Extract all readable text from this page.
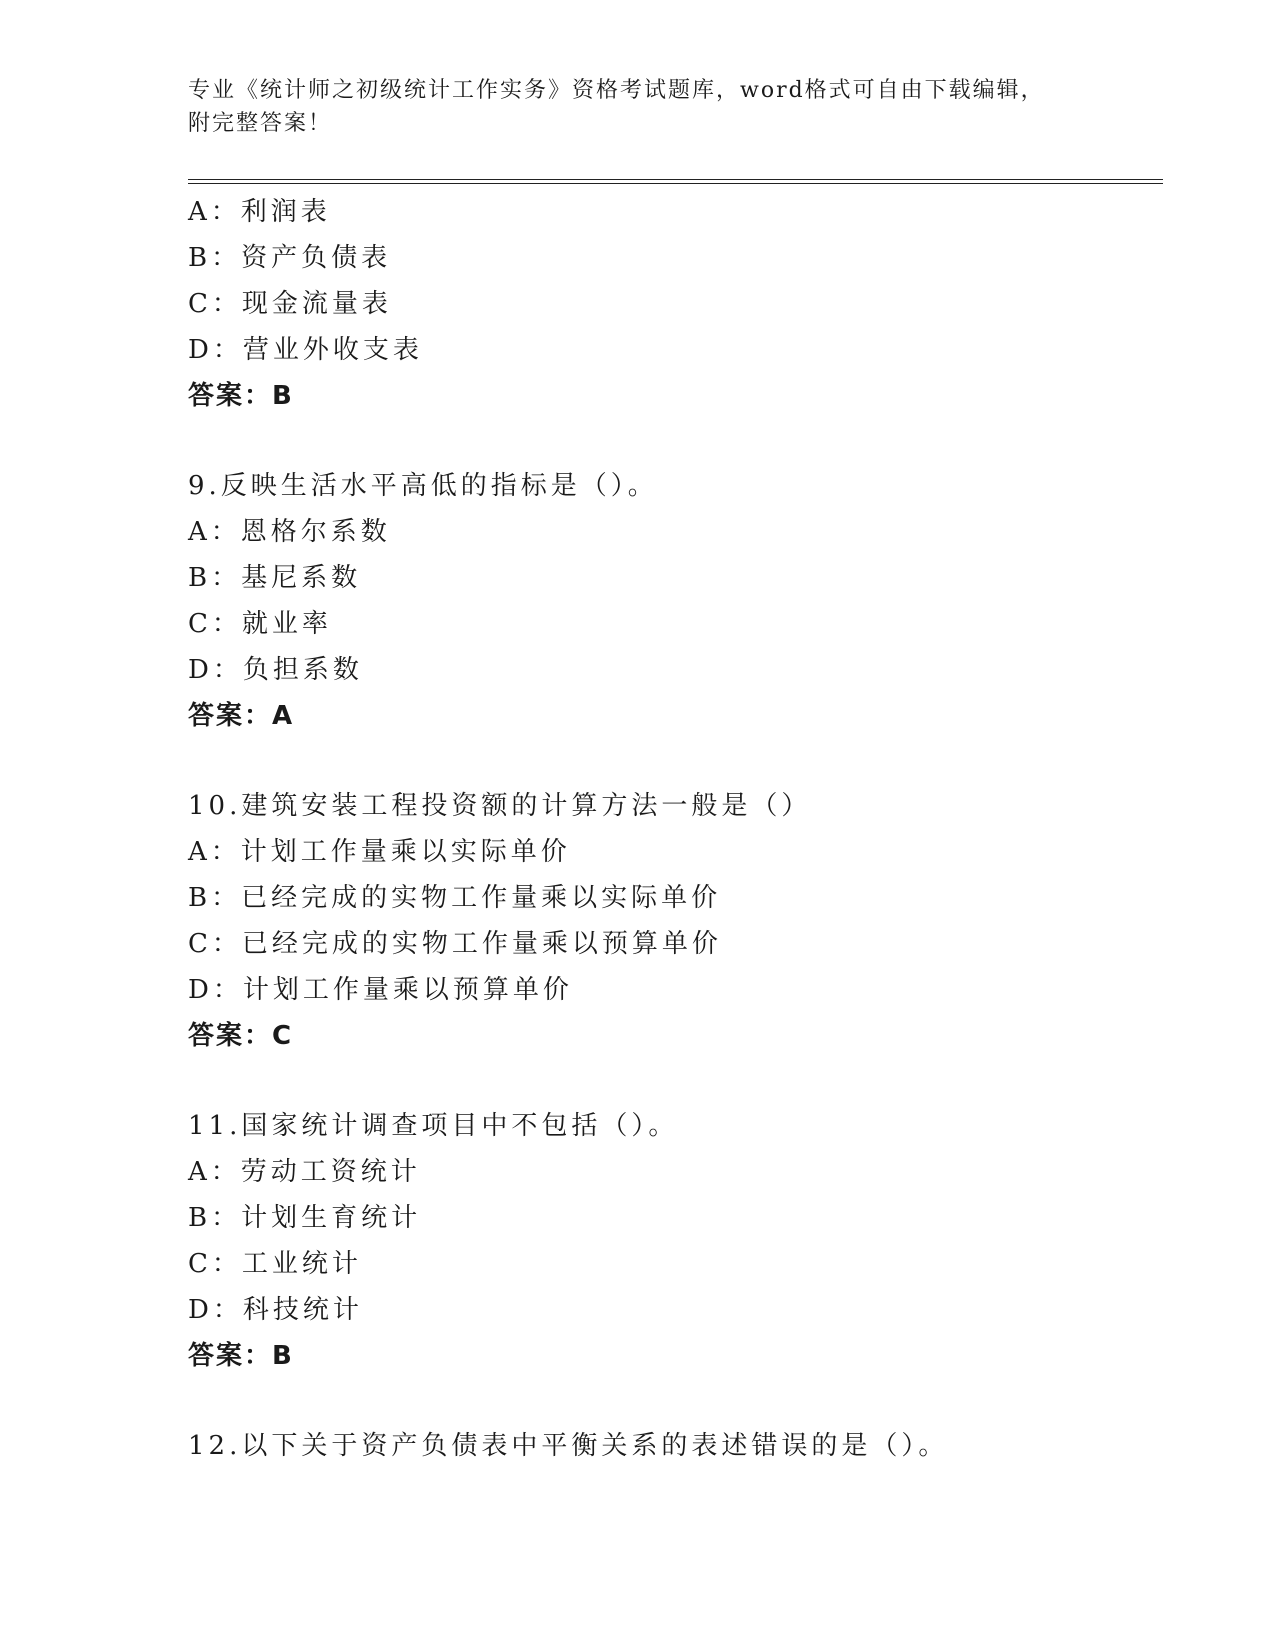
专业《统计师之初级统计工作实务》资格考试题库，word格式可自由下载编辑，
附完整答案！
A：利润表
B：资产负债表
C：现金流量表
D：营业外收支表
答案：B
9.反映生活水平高低的指标是（）。
A：恩格尔系数
B：基尼系数
C：就业率
D：负担系数
答案：A
10.建筑安装工程投资额的计算方法一般是（）
A：计划工作量乘以实际单价
B：已经完成的实物工作量乘以实际单价
C：已经完成的实物工作量乘以预算单价
D：计划工作量乘以预算单价
答案：C
11.国家统计调查项目中不包括（）。
A：劳动工资统计
B：计划生育统计
C：工业统计
D：科技统计
答案：B
12.以下关于资产负债表中平衡关系的表述错误的是（）。
